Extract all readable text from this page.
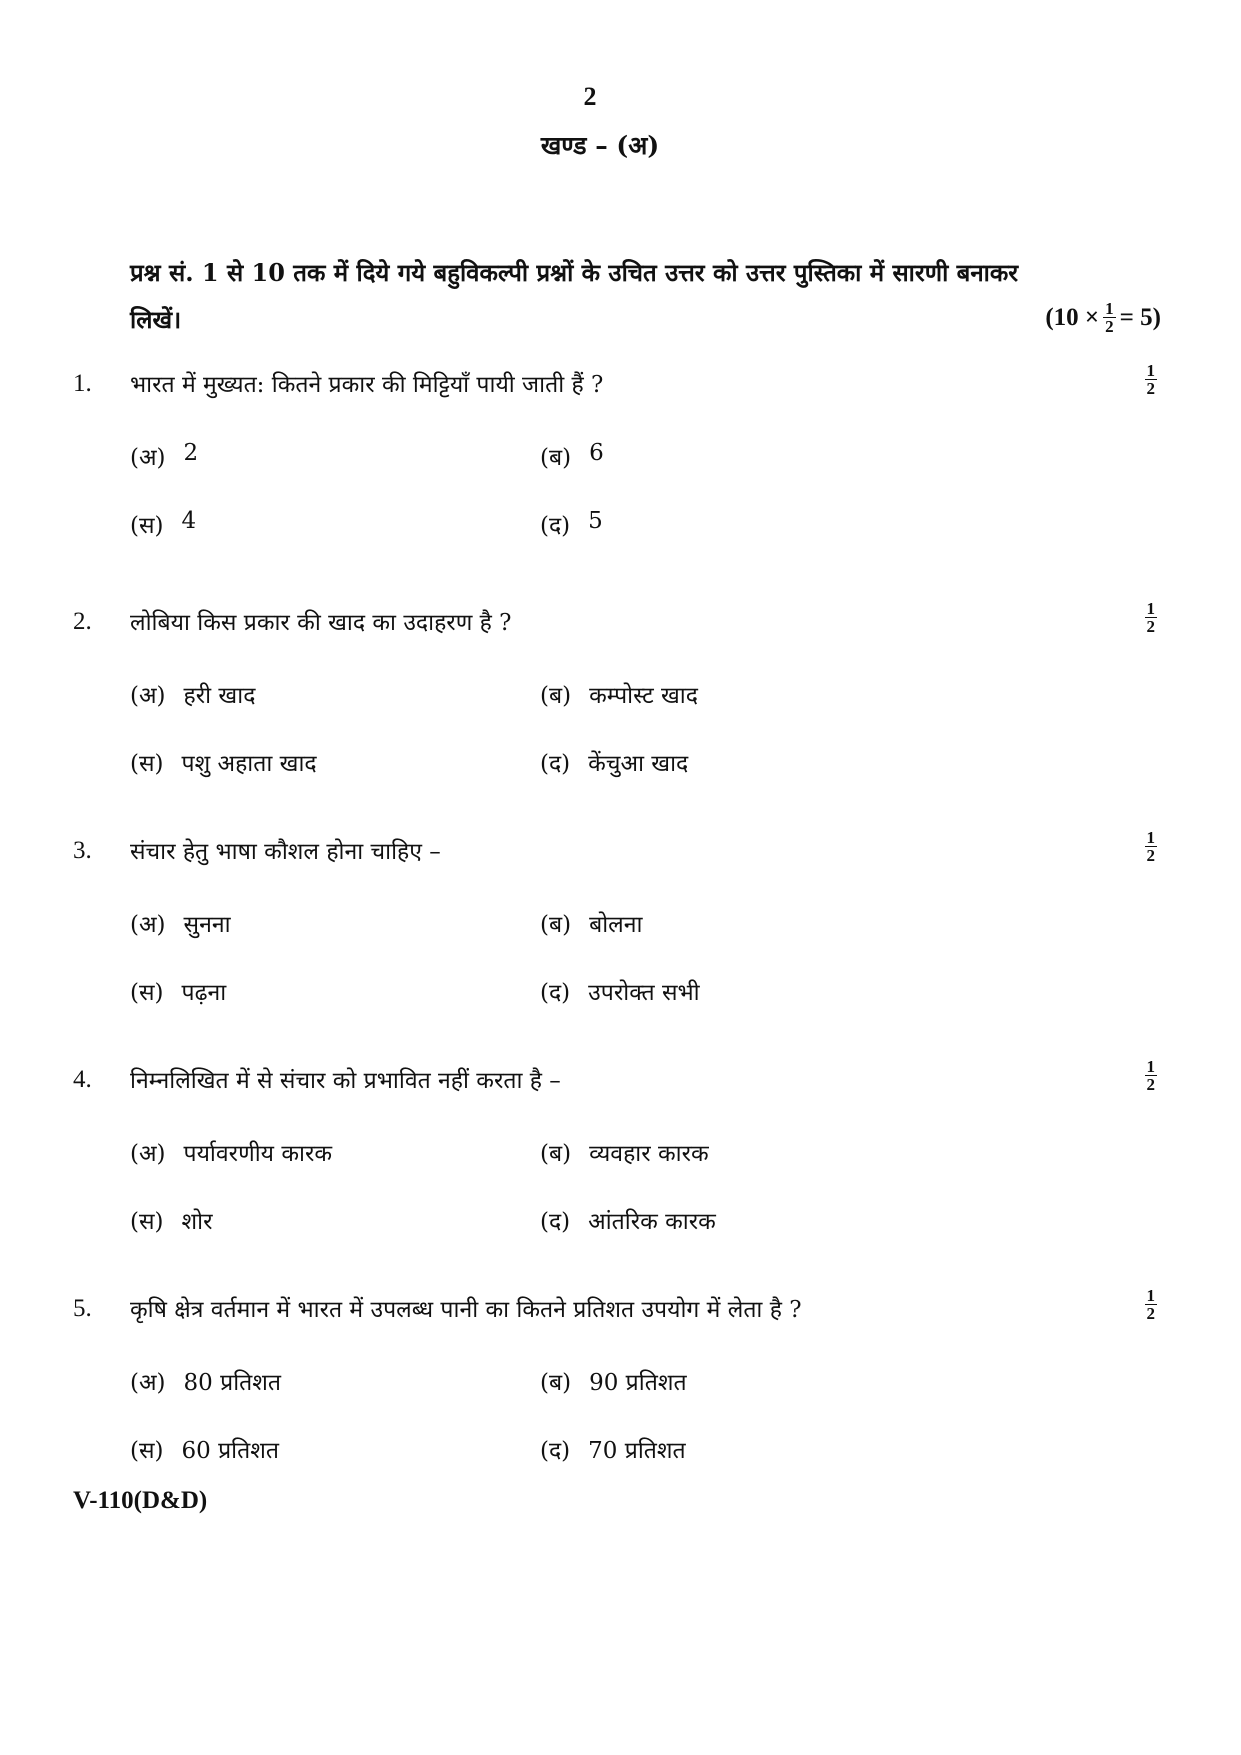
2
खण्ड – (अ)
प्रश्न सं. 1 से 10 तक में दिये गये बहुविकल्पी प्रश्नों के उचित उत्तर को उत्तर पुस्तिका में सारणी बनाकर
लिखें।	$(10 \times \frac{1}{2} = 5)$
1. भारत में मुख्यत: कितने प्रकार की मिट्टियाँ पायी जाती हैं ?	$\frac{1}{2}$
(अ) 2	(ब) 6
(स) 4	(द) 5
2. लोबिया किस प्रकार की खाद का उदाहरण है ?	$\frac{1}{2}$
(अ) हरी खाद	(ब) कम्पोस्ट खाद
(स) पशु अहाता खाद	(द) केंचुआ खाद
3. संचार हेतु भाषा कौशल होना चाहिए –	$\frac{1}{2}$
(अ) सुनना	(ब) बोलना
(स) पढ़ना	(द) उपरोक्त सभी
4. निम्नलिखित में से संचार को प्रभावित नहीं करता है –	$\frac{1}{2}$
(अ) पर्यावरणीय कारक	(ब) व्यवहार कारक
(स) शोर	(द) आंतरिक कारक
5. कृषि क्षेत्र वर्तमान में भारत में उपलब्ध पानी का कितने प्रतिशत उपयोग में लेता है ?	$\frac{1}{2}$
(अ) 80 प्रतिशत	(ब) 90 प्रतिशत
(स) 60 प्रतिशत	(द) 70 प्रतिशत
V-110(D&D)
